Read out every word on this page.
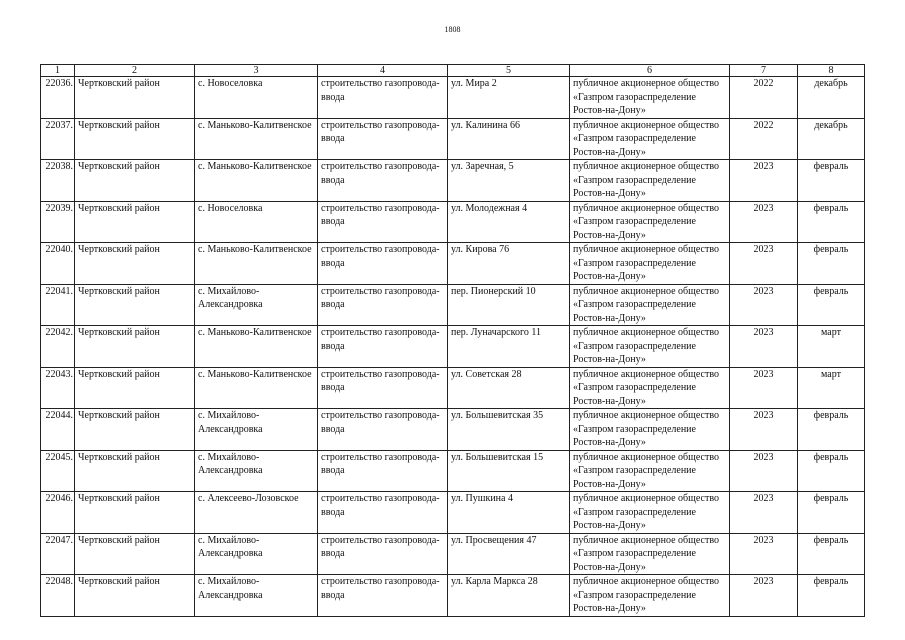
1808
1	2	3	4	5	6	7	8
22036.	Чертковский район	с. Новоселовка	строительство газопровода-ввода	ул. Мира 2	публичное акционерное общество «Газпром газораспределение Ростов-на-Дону»	2022	декабрь
22037.	Чертковский район	с. Маньково-Калитвенское	строительство газопровода-ввода	ул. Калинина 66	публичное акционерное общество «Газпром газораспределение Ростов-на-Дону»	2022	декабрь
22038.	Чертковский район	с. Маньково-Калитвенское	строительство газопровода-ввода	ул. Заречная, 5	публичное акционерное общество «Газпром газораспределение Ростов-на-Дону»	2023	февраль
22039.	Чертковский район	с. Новоселовка	строительство газопровода-ввода	ул. Молодежная 4	публичное акционерное общество «Газпром газораспределение Ростов-на-Дону»	2023	февраль
22040.	Чертковский район	с. Маньково-Калитвенское	строительство газопровода-ввода	ул. Кирова 76	публичное акционерное общество «Газпром газораспределение Ростов-на-Дону»	2023	февраль
22041.	Чертковский район	с. Михайлово-Александровка	строительство газопровода-ввода	пер. Пионерский 10	публичное акционерное общество «Газпром газораспределение Ростов-на-Дону»	2023	февраль
22042.	Чертковский район	с. Маньково-Калитвенское	строительство газопровода-ввода	пер. Луначарского 11	публичное акционерное общество «Газпром газораспределение Ростов-на-Дону»	2023	март
22043.	Чертковский район	с. Маньково-Калитвенское	строительство газопровода-ввода	ул. Советская 28	публичное акционерное общество «Газпром газораспределение Ростов-на-Дону»	2023	март
22044.	Чертковский район	с. Михайлово-Александровка	строительство газопровода-ввода	ул. Большевитская 35	публичное акционерное общество «Газпром газораспределение Ростов-на-Дону»	2023	февраль
22045.	Чертковский район	с. Михайлово-Александровка	строительство газопровода-ввода	ул. Большевитская 15	публичное акционерное общество «Газпром газораспределение Ростов-на-Дону»	2023	февраль
22046.	Чертковский район	с. Алексеево-Лозовское	строительство газопровода-ввода	ул. Пушкина 4	публичное акционерное общество «Газпром газораспределение Ростов-на-Дону»	2023	февраль
22047.	Чертковский район	с. Михайлово-Александровка	строительство газопровода-ввода	ул. Просвещения 47	публичное акционерное общество «Газпром газораспределение Ростов-на-Дону»	2023	февраль
22048.	Чертковский район	с. Михайлово-Александровка	строительство газопровода-ввода	ул. Карла Маркса 28	публичное акционерное общество «Газпром газораспределение Ростов-на-Дону»	2023	февраль
